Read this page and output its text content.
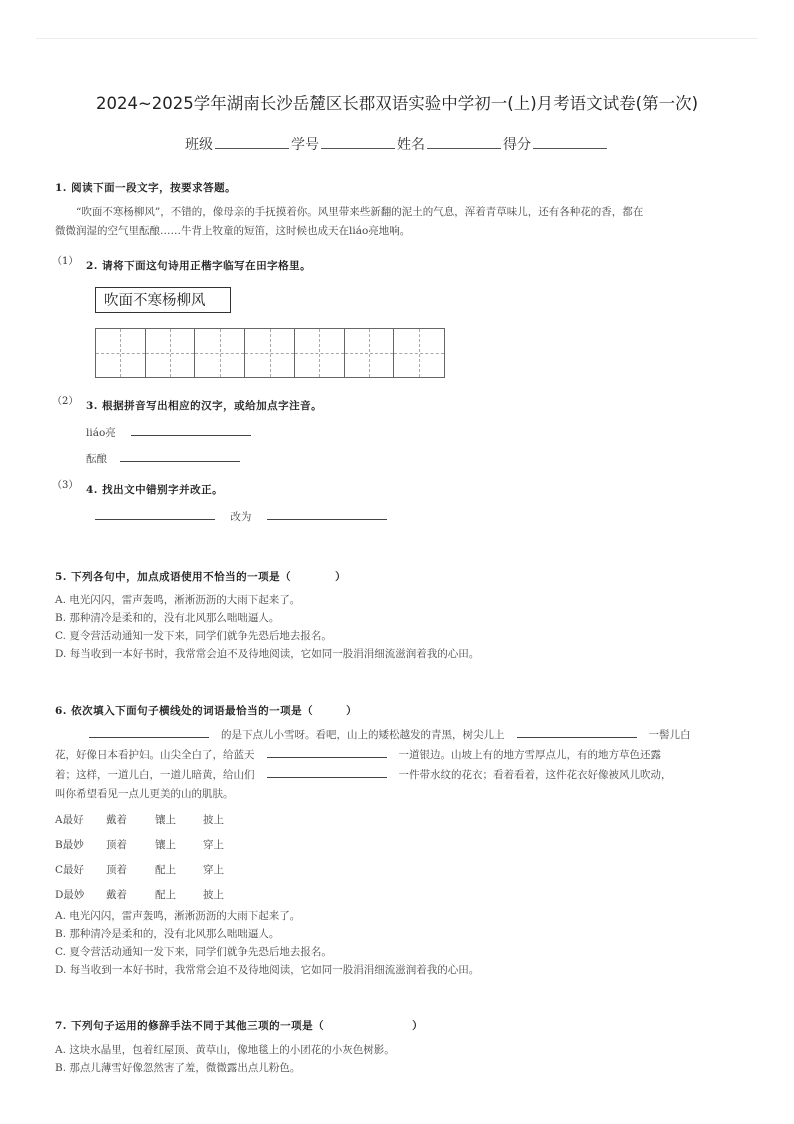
2024~2025学年湖南长沙岳麓区长郡双语实验中学初一(上)月考语文试卷(第一次)
班级	学号	姓名	得分
1. 阅读下面一段文字，按要求答题。
“吹面不寒杨柳风”，不错的，像母亲的手抚摸着你。风里带来些新翻的泥土的气息，浑着青草味儿，还有各种花的香，都在
微微润湿的空气里酝酿……牛背上牧童的短笛，这时候也成天在liáo亮地响。
（1） 2. 请将下面这句诗用正楷字临写在田字格里。
吹面不寒杨柳风
（2） 3. 根据拼音写出相应的汉字，或给加点字注音。
liáo亮
酝酿
（3） 4. 找出文中错别字并改正。
改为
5. 下列各句中，加点成语使用不恰当的一项是（　　　　）
A. 电光闪闪，雷声轰鸣，淅淅沥沥的大雨下起来了。
B. 那种清冷是柔和的，没有北风那么咄咄逼人。
C. 夏令营活动通知一发下来，同学们就争先恐后地去报名。
D. 每当收到一本好书时，我常常会迫不及待地阅读，它如同一股涓涓细流滋润着我的心田。
6. 依次填入下面句子横线处的词语最恰当的一项是（　　　）
的是下点儿小雪呀。看吧，山上的矮松越发的青黑，树尖儿上	一髻儿白
花，好像日本看护妇。山尖全白了，给蓝天	一道银边。山坡上有的地方雪厚点儿，有的地方草色还露
着；这样，一道儿白，一道儿暗黄，给山们	一件带水纹的花衣；看着看着，这件花衣好像被风儿吹动，
叫你希望看见一点儿更美的山的肌肤。
A最好 戴着	镶上	披上
B最妙 顶着	镶上	穿上
C最好 顶着	配上	穿上
D最妙 戴着	配上	披上
A. 电光闪闪，雷声轰鸣，淅淅沥沥的大雨下起来了。
B. 那种清冷是柔和的，没有北风那么咄咄逼人。
C. 夏令营活动通知一发下来，同学们就争先恐后地去报名。
D. 每当收到一本好书时，我常常会迫不及待地阅读，它如同一股涓涓细流滋润着我的心田。
7. 下列句子运用的修辞手法不同于其他三项的一项是（　　　　　　　　）
A. 这块水晶里，包着红屋顶、黄草山，像地毯上的小团花的小灰色树影。
B. 那点儿薄雪好像忽然害了羞，微微露出点儿粉色。
